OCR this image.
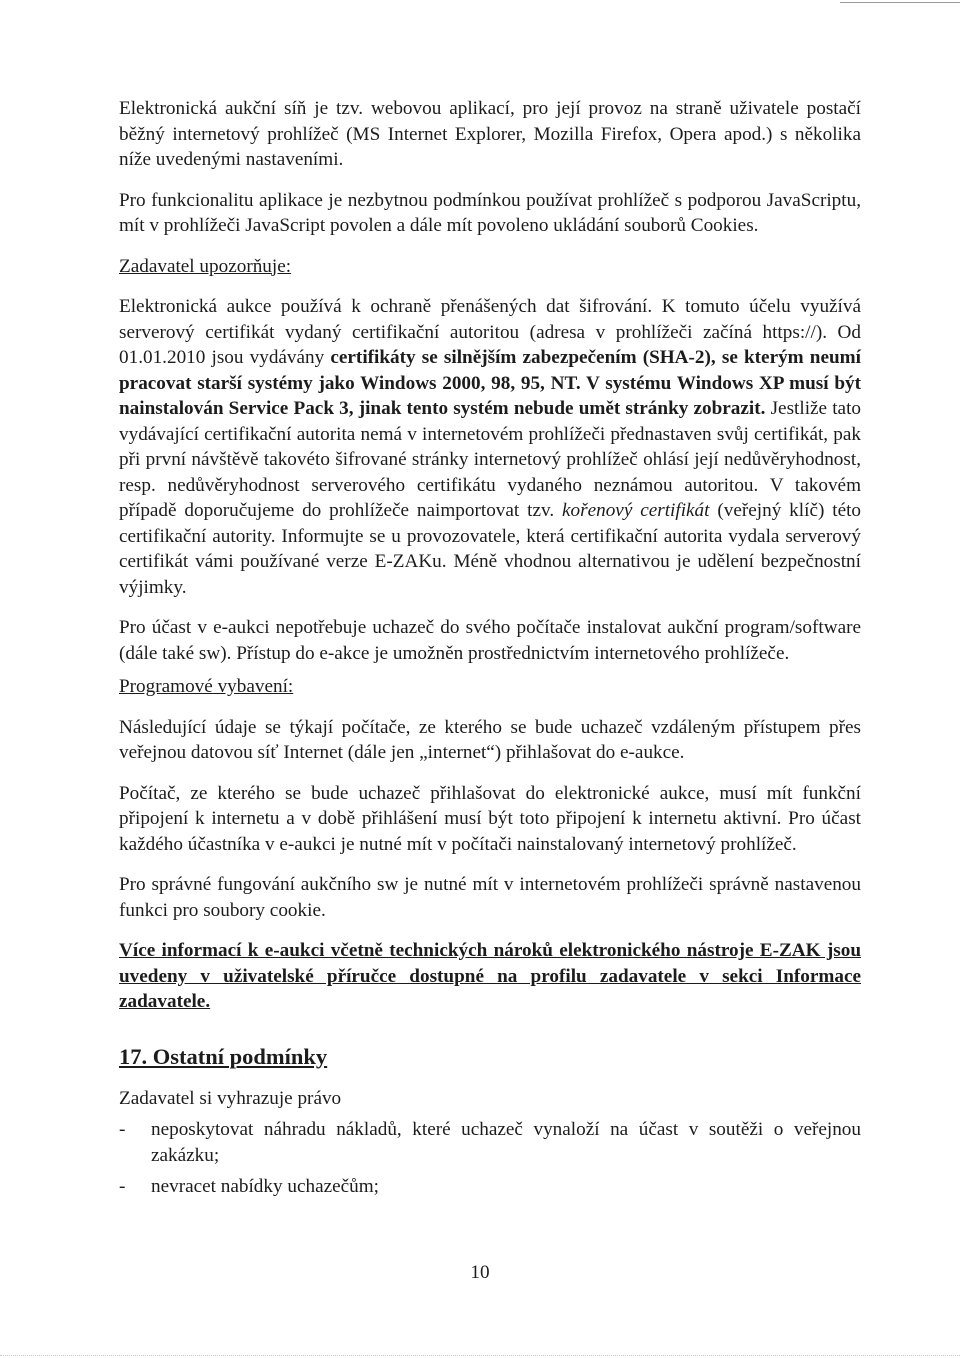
Elektronická aukční síň je tzv. webovou aplikací, pro její provoz na straně uživatele postačí běžný internetový prohlížeč (MS Internet Explorer, Mozilla Firefox, Opera apod.) s několika níže uvedenými nastaveními.

Pro funkcionalitu aplikace je nezbytnou podmínkou používat prohlížeč s podporou JavaScriptu, mít v prohlížeči JavaScript povolen a dále mít povoleno ukládání souborů Cookies.

Zadavatel upozorňuje:

Elektronická aukce používá k ochraně přenášených dat šifrování. K tomuto účelu využívá serverový certifikát vydaný certifikační autoritou (adresa v prohlížeči začíná https://). Od 01.01.2010 jsou vydávány certifikáty se silnějším zabezpečením (SHA-2), se kterým neumí pracovat starší systémy jako Windows 2000, 98, 95, NT. V systému Windows XP musí být nainstalován Service Pack 3, jinak tento systém nebude umět stránky zobrazit. Jestliže tato vydávající certifikační autorita nemá v internetovém prohlížeči přednastaven svůj certifikát, pak při první návštěvě takovéto šifrované stránky internetový prohlížeč ohlásí její nedůvěryhodnost, resp. nedůvěryhodnost serverového certifikátu vydaného neznámou autoritou. V takovém případě doporučujeme do prohlížeče naimportovat tzv. kořenový certifikát (veřejný klíč) této certifikační autority. Informujte se u provozovatele, která certifikační autorita vydala serverový certifikát vámi používané verze E-ZAKu. Méně vhodnou alternativou je udělení bezpečnostní výjimky.

Pro účast v e-aukci nepotřebuje uchazeč do svého počítače instalovat aukční program/software (dále také sw). Přístup do e-akce je umožněn prostřednictvím internetového prohlížeče.

Programové vybavení:

Následující údaje se týkají počítače, ze kterého se bude uchazeč vzdáleným přístupem přes veřejnou datovou síť Internet (dále jen „internet“) přihlašovat do e-aukce.

Počítač, ze kterého se bude uchazeč přihlašovat do elektronické aukce, musí mít funkční připojení k internetu a v době přihlášení musí být toto připojení k internetu aktivní. Pro účast každého účastníka v e-aukci je nutné mít v počítači nainstalovaný internetový prohlížeč.

Pro správné fungování aukčního sw je nutné mít v internetovém prohlížeči správně nastavenou funkci pro soubory cookie.

Více informací k e-aukci včetně technických nároků elektronického nástroje E-ZAK jsou uvedeny v uživatelské příručce dostupné na profilu zadavatele v sekci Informace zadavatele.
17. Ostatní podmínky

Zadavatel si vyhrazuje právo

- neposkytovat náhradu nákladů, které uchazeč vynaloží na účast v soutěži o veřejnou zakázku;
- nevracet nabídky uchazečům;
10
